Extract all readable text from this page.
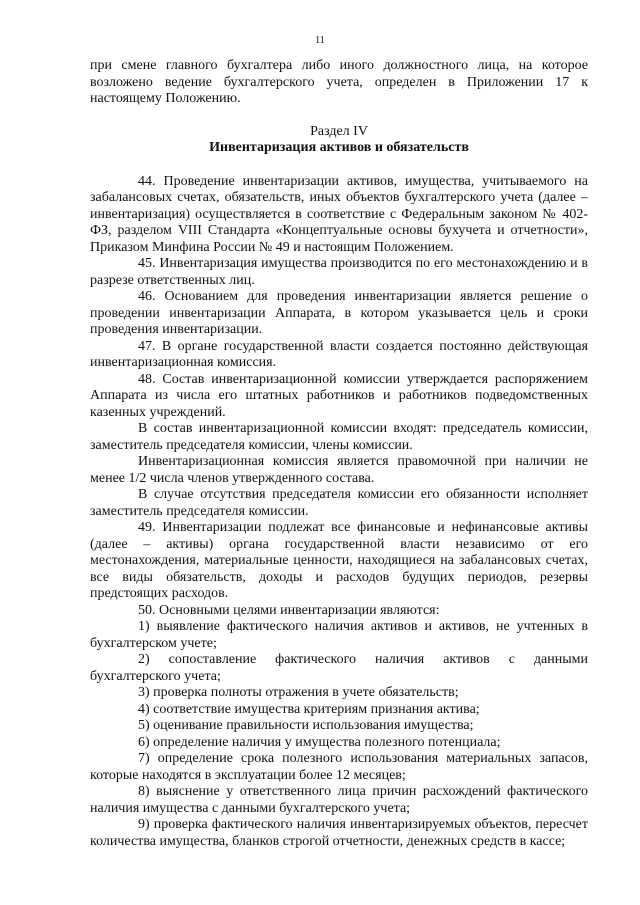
11

при смене главного бухгалтера либо иного должностного лица, на которое возложено ведение бухгалтерского учета, определен в Приложении 17 к настоящему Положению.

Раздел IV

Инвентаризация активов и обязательств

44. Проведение инвентаризации активов, имущества, учитываемого на забалансовых счетах, обязательств, иных объектов бухгалтерского учета (далее – инвентаризация) осуществляется в соответствие с Федеральным законом № 402-ФЗ, разделом VIII Стандарта «Концептуальные основы бухучета и отчетности», Приказом Минфина России № 49 и настоящим Положением.

45. Инвентаризация имущества производится по его местонахождению и в разрезе ответственных лиц.

46. Основанием для проведения инвентаризации является решение о проведении инвентаризации Аппарата, в котором указывается цель и сроки проведения инвентаризации.

47. В органе государственной власти создается постоянно действующая инвентаризационная комиссия.

48. Состав инвентаризационной комиссии утверждается распоряжением Аппарата из числа его штатных работников и работников подведомственных казенных учреждений.

В состав инвентаризационной комиссии входят: председатель комиссии, заместитель председателя комиссии, члены комиссии.

Инвентаризационная комиссия является правомочной при наличии не менее 1/2 числа членов утвержденного состава.

В случае отсутствия председателя комиссии его обязанности исполняет заместитель председателя комиссии.

49. Инвентаризации подлежат все финансовые и нефинансовые активы (далее – активы) органа государственной власти независимо от его местонахождения, материальные ценности, находящиеся на забалансовых счетах, все виды обязательств, доходы и расходов будущих периодов, резервы предстоящих расходов.

50. Основными целями инвентаризации являются:

1) выявление фактического наличия активов и активов, не учтенных в бухгалтерском учете;

2) сопоставление фактического наличия активов с данными бухгалтерского учета;

3) проверка полноты отражения в учете обязательств;

4) соответствие имущества критериям признания актива;

5) оценивание правильности использования имущества;

6) определение наличия у имущества полезного потенциала;

7) определение срока полезного использования материальных запасов, которые находятся в эксплуатации более 12 месяцев;

8) выяснение у ответственного лица причин расхождений фактического наличия имущества с данными бухгалтерского учета;

9) проверка фактического наличия инвентаризируемых объектов, пересчет количества имущества, бланков строгой отчетности, денежных средств в кассе;
